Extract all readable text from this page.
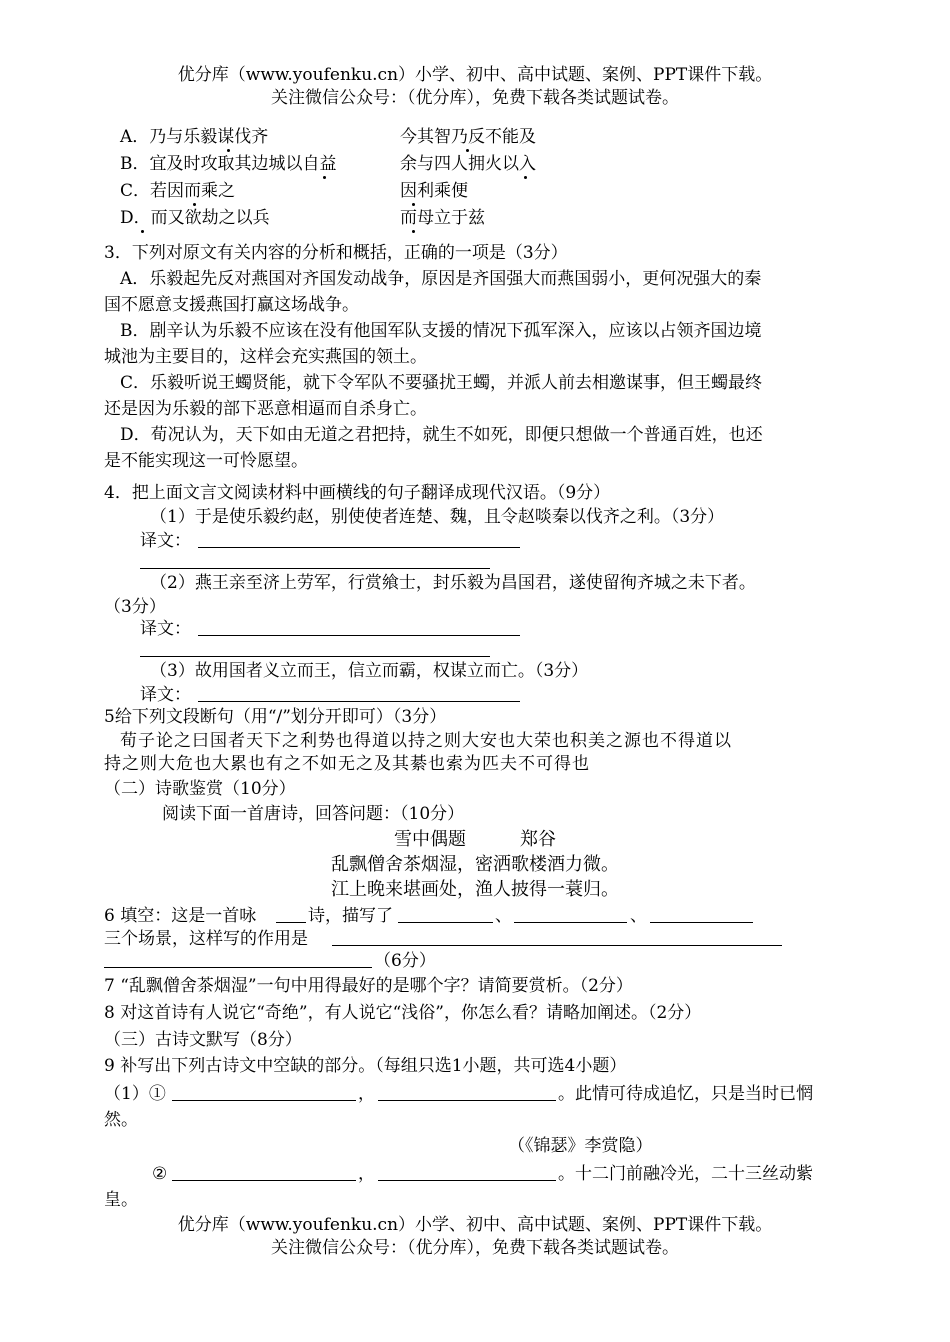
优分库（www.youfenku.cn）小学、初中、高中试题、案例、PPT课件下载。
关注微信公众号：（优分库），免费下载各类试题试卷。
A．乃与乐毅谋伐齐	今其智乃反不能及
B．宜及时攻取其边城以自益	余与四人拥火以入
C．若因而乘之	因利乘便
D．而又欲劫之以兵	而母立于兹
3．下列对原文有关内容的分析和概括，正确的一项是（3分）
A．乐毅起先反对燕国对齐国发动战争，原因是齐国强大而燕国弱小，更何况强大的秦
国不愿意支援燕国打赢这场战争。
B．剧辛认为乐毅不应该在没有他国军队支援的情况下孤军深入，应该以占领齐国边境
城池为主要目的，这样会充实燕国的领土。
C．乐毅听说王蠋贤能，就下令军队不要骚扰王蠋，并派人前去相邀谋事，但王蠋最终
还是因为乐毅的部下恶意相逼而自杀身亡。
D．荀况认为，天下如由无道之君把持，就生不如死，即便只想做一个普通百姓，也还
是不能实现这一可怜愿望。
4．把上面文言文阅读材料中画横线的句子翻译成现代汉语。（9分）
（1）于是使乐毅约赵，别使使者连楚、魏，且令赵啖秦以伐齐之利。（3分）
译文：
（2）燕王亲至济上劳军，行赏飨士，封乐毅为昌国君，遂使留徇齐城之未下者。
（3分）
译文：
（3）故用国者义立而王，信立而霸，权谋立而亡。（3分）
译文：
5给下列文段断句（用“/”划分开即可）（3分）
荀子论之曰国者天下之利势也得道以持之则大安也大荣也积美之源也不得道以
持之则大危也大累也有之不如无之及其綦也索为匹夫不可得也
（二）诗歌鉴赏（10分）
阅读下面一首唐诗，回答问题：（10分）
雪中偶题　　　郑谷
乱飘僧舍茶烟湿，密洒歌楼酒力微。
江上晚来堪画处，渔人披得一蓑归。
6 填空：这是一首咏	诗，描写了	、	、
三个场景，这样写的作用是
（6分）
7 “乱飘僧舍茶烟湿”一句中用得最好的是哪个字？请简要赏析。（2分）
8 对这首诗有人说它“奇绝”，有人说它“浅俗”，你怎么看？请略加阐述。（2分）
（三）古诗文默写（8分）
9 补写出下列古诗文中空缺的部分。（每组只选1小题，共可选4小题）
（1）①	，	。此情可待成追忆，只是当时已惘
然。
（《锦瑟》李赏隐）
②	，	。十二门前融冷光，二十三丝动紫
皇。
优分库（www.youfenku.cn）小学、初中、高中试题、案例、PPT课件下载。
关注微信公众号：（优分库），免费下载各类试题试卷。
